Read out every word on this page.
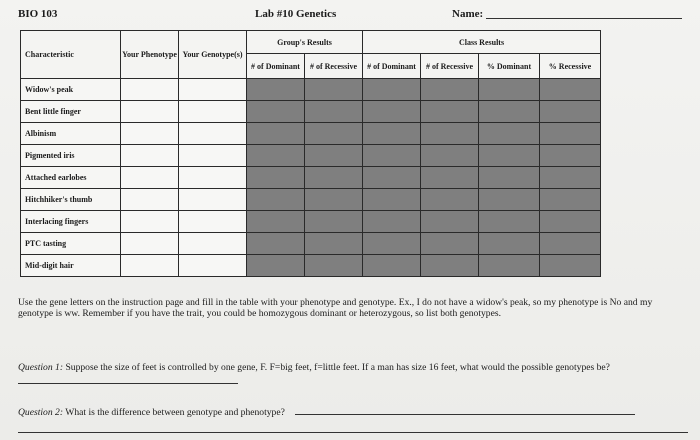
BIO 103	Lab #10 Genetics	Name:
Characteristic	Your Phenotype	Your Genotype(s)	Group's Results		Class Results			
			# of Dominant	# of Recessive	# of Dominant	# of Recessive	% Dominant	% Recessive
Widow's peak								
Bent little finger								
Albinism								
Pigmented iris								
Attached earlobes								
Hitchhiker's thumb								
Interlacing fingers								
PTC tasting								
Mid-digit hair								
Use the gene letters on the instruction page and fill in the table with your phenotype and genotype. Ex., I do not have a widow's peak, so my phenotype is No and my genotype is ww. Remember if you have the trait, you could be homozygous dominant or heterozygous, so list both genotypes.
Question 1: Suppose the size of feet is controlled by one gene, F. F=big feet, f=little feet. If a man has size 16 feet, what would the possible genotypes be?
Question 2: What is the difference between genotype and phenotype?
